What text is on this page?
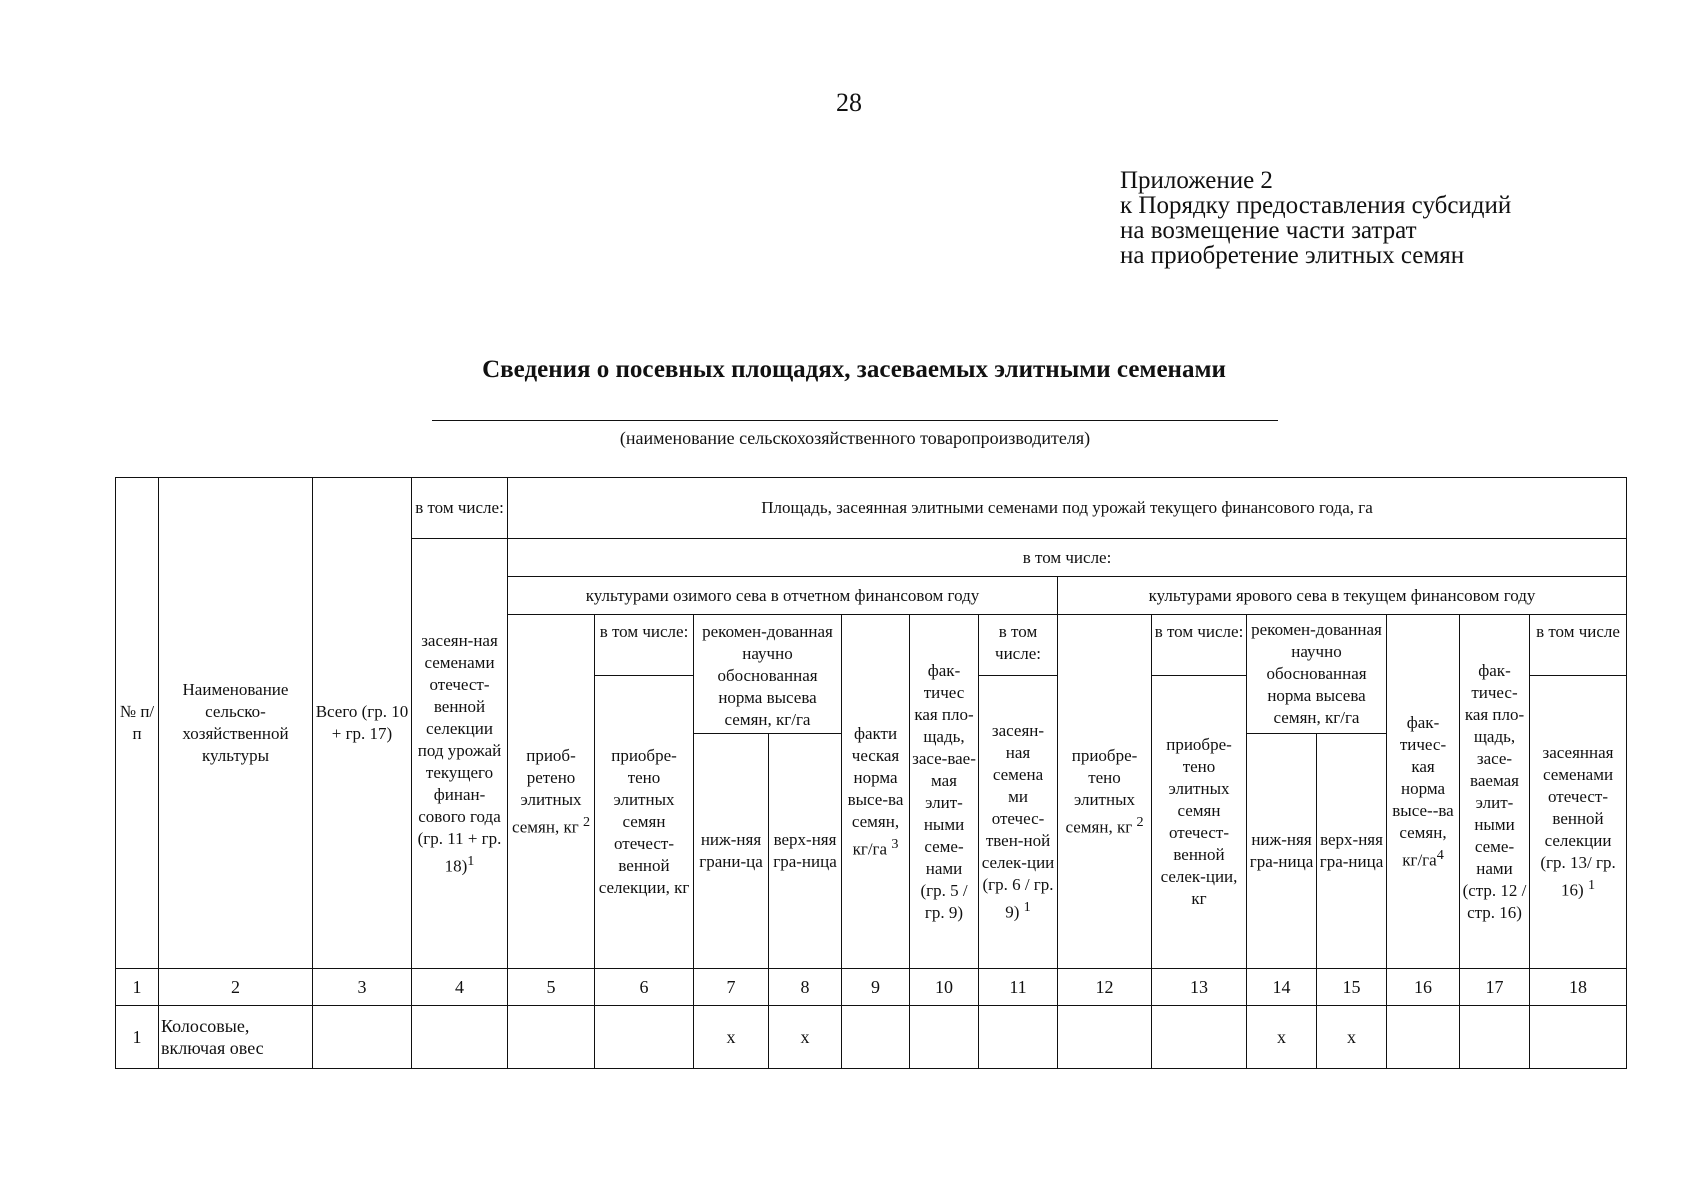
28
Приложение 2
к Порядку предоставления субсидий
на возмещение части затрат
на приобретение элитных семян
Сведения о посевных площадях, засеваемых элитными семенами
(наименование сельскохозяйственного товаропроизводителя)
№ п/п	Наименование сельско-хозяйственной культуры	Всего (гр. 10 + гр. 17)	в том числе:	Площадь, засеянная элитными семенами под урожай текущего финансового года, га													
			засеян-ная семенами отечест-венной селекции под урожай текущего финан-сового года (гр. 11 + гр. 18)$^1$	в том числе:													
				культурами озимого сева в отчетном финансовом году							культурами ярового сева в текущем финансовом году						
				приоб-ретено элитных семян, кг $^2$	в том числе:	рекомен-дованная научно обоснованная норма высева семян, кг/га		факти ческая норма высе-ва семян, кг/га $^3$	фак-тичес кая пло-щадь, засе-вае-мая элит-ными семе-нами (гр. 5 / гр. 9)	в том числе:	приобре-тено элитных семян, кг $^2$	в том числе:	рекомен-дованная научно обоснованная норма высева семян, кг/га		фак-тичес-кая норма высе--ва семян, $кг/га^4$	фак-тичес-кая пло-щадь, засе-ваемая элит-ными семе-нами (стр. 12 / стр. 16)	в том числе
					приобре-тено элитных семян отечест-венной селекции, кг					засеян-ная семена ми отечес-твен-ной селек-ции (гр. 6 / гр. 9) $^1$		приобре-тено элитных семян отечест-венной селек-ции, кг					засеянная семенами отечест-венной селекции (гр. 13/ гр. 16) $^1$
						ниж-няя грани-ца	верх-няя гра-ница						ниж-няя гра-ница	верх-няя гра-ница			
1	2	3	4	5	6	7	8	9	10	11	12	13	14	15	16	17	18
1	Колосовые, включая овес					х	х						х	х			
